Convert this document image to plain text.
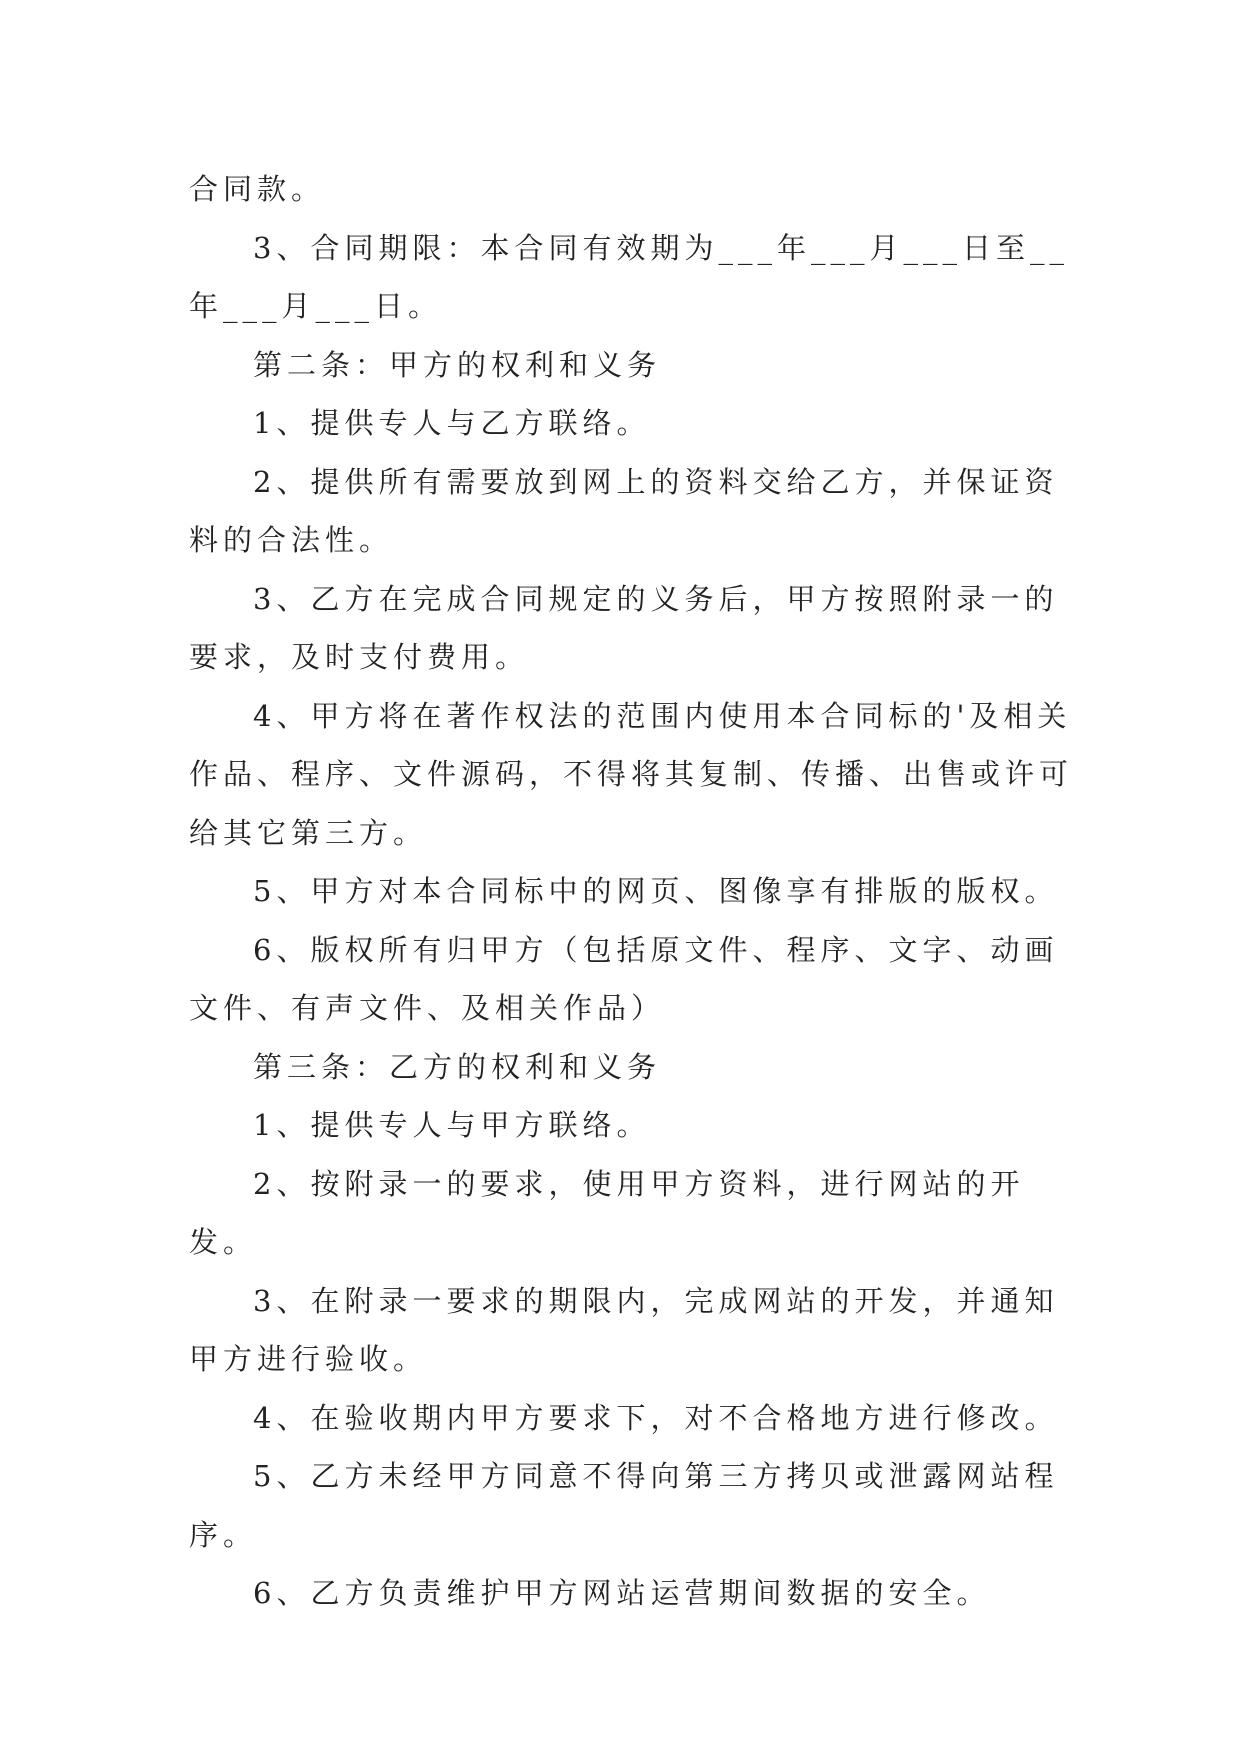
合同款。

3、合同期限：本合同有效期为___年___月___日至__年___月___日。

第二条：甲方的权利和义务

1、提供专人与乙方联络。

2、提供所有需要放到网上的资料交给乙方，并保证资料的合法性。

3、乙方在完成合同规定的义务后，甲方按照附录一的要求，及时支付费用。

4、甲方将在著作权法的范围内使用本合同标的'及相关作品、程序、文件源码，不得将其复制、传播、出售或许可给其它第三方。

5、甲方对本合同标中的网页、图像享有排版的版权。

6、版权所有归甲方（包括原文件、程序、文字、动画文件、有声文件、及相关作品）

第三条：乙方的权利和义务

1、提供专人与甲方联络。

2、按附录一的要求，使用甲方资料，进行网站的开发。

3、在附录一要求的期限内，完成网站的开发，并通知甲方进行验收。

4、在验收期内甲方要求下，对不合格地方进行修改。

5、乙方未经甲方同意不得向第三方拷贝或泄露网站程序。

6、乙方负责维护甲方网站运营期间数据的安全。
